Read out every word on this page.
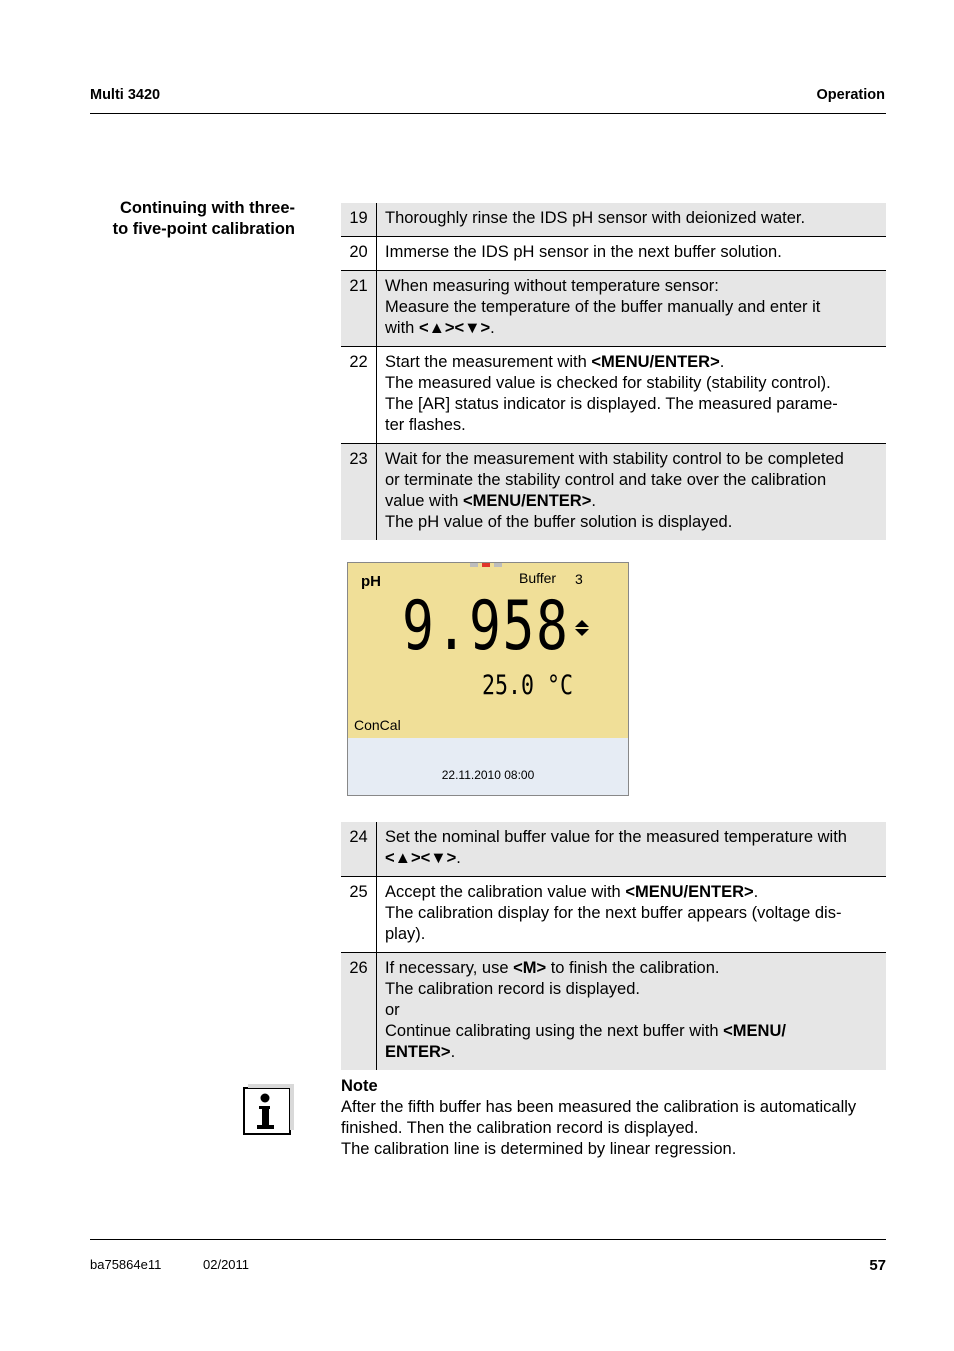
Multi 3420	Operation
Continuing with three-
to five-point calibration
19	Thoroughly rinse the IDS pH sensor with deionized water.

20	Immerse the IDS pH sensor in the next buffer solution.

21	When measuring without temperature sensor:
Measure the temperature of the buffer manually and enter it
with <▲><▼>.

22	Start the measurement with <MENU/ENTER>.
The measured value is checked for stability (stability control).
The [AR] status indicator is displayed. The measured parame-
ter flashes.

23	Wait for the measurement with stability control to be completed
or terminate the stability control and take over the calibration
value with <MENU/ENTER>.
The pH value of the buffer solution is displayed.
pH	Buffer 3
9.958
25.0 °C
ConCal
22.11.2010 08:00
24	Set the nominal buffer value for the measured temperature with
<▲><▼>.

25	Accept the calibration value with <MENU/ENTER>.
The calibration display for the next buffer appears (voltage dis-
play).

26	If necessary, use <M> to finish the calibration.
The calibration record is displayed.
or
Continue calibrating using the next buffer with <MENU/
ENTER>.
Note
After the fifth buffer has been measured the calibration is automatically
finished. Then the calibration record is displayed.
The calibration line is determined by linear regression.
ba75864e11	02/2011	57
